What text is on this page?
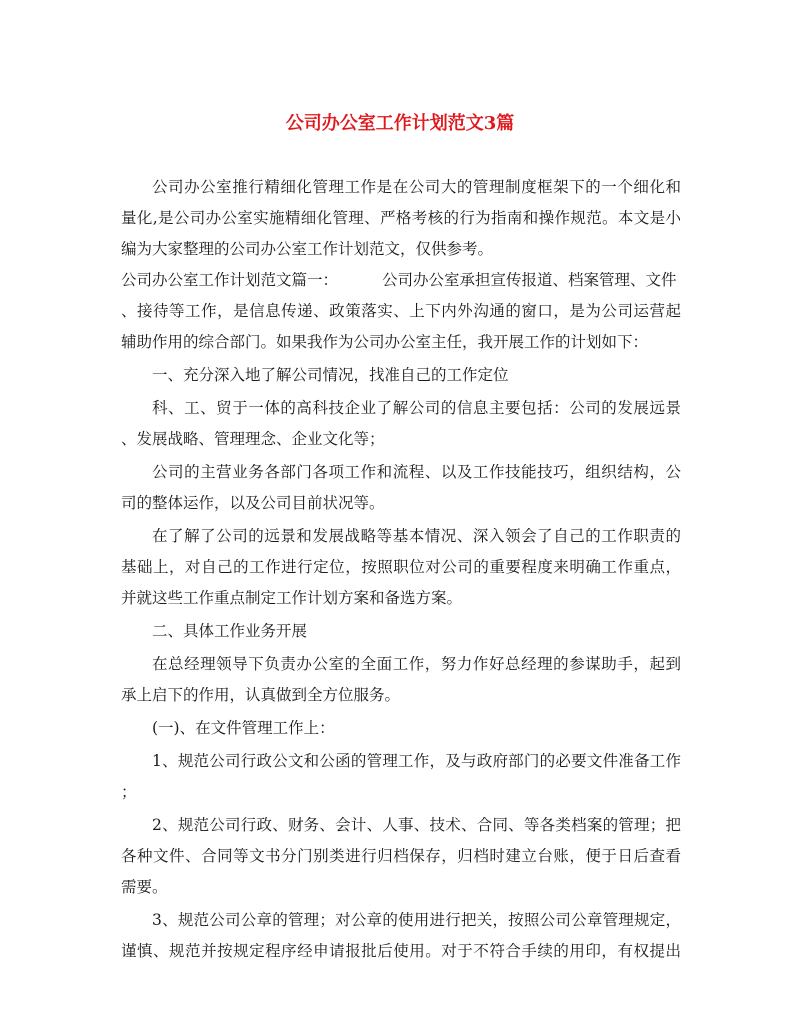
公司办公室工作计划范文3篇

公司办公室推行精细化管理工作是在公司大的管理制度框架下的一个细化和

量化,是公司办公室实施精细化管理、严格考核的行为指南和操作规范。本文是小

编为大家整理的公司办公室工作计划范文，仅供参考。

公司办公室工作计划范文篇一：	公司办公室承担宣传报道、档案管理、文件

、接待等工作，是信息传递、政策落实、上下内外沟通的窗口，是为公司运营起

辅助作用的综合部门。如果我作为公司办公室主任，我开展工作的计划如下：

一、充分深入地了解公司情况，找准自己的工作定位

科、工、贸于一体的高科技企业了解公司的信息主要包括：公司的发展远景

、发展战略、管理理念、企业文化等；

公司的主营业务各部门各项工作和流程、以及工作技能技巧，组织结构，公

司的整体运作，以及公司目前状况等。

在了解了公司的远景和发展战略等基本情况、深入领会了自己的工作职责的

基础上，对自己的工作进行定位，按照职位对公司的重要程度来明确工作重点，

并就这些工作重点制定工作计划方案和备选方案。

二、具体工作业务开展

在总经理领导下负责办公室的全面工作，努力作好总经理的参谋助手，起到

承上启下的作用，认真做到全方位服务。

(一)、在文件管理工作上：

1、规范公司行政公文和公函的管理工作，及与政府部门的必要文件准备工作

；

2、规范公司行政、财务、会计、人事、技术、合同、等各类档案的管理；把

各种文件、合同等文书分门别类进行归档保存，归档时建立台账，便于日后查看

需要。

3、规范公司公章的管理；对公章的使用进行把关，按照公司公章管理规定，

谨慎、规范并按规定程序经申请报批后使用。对于不符合手续的用印，有权提出
